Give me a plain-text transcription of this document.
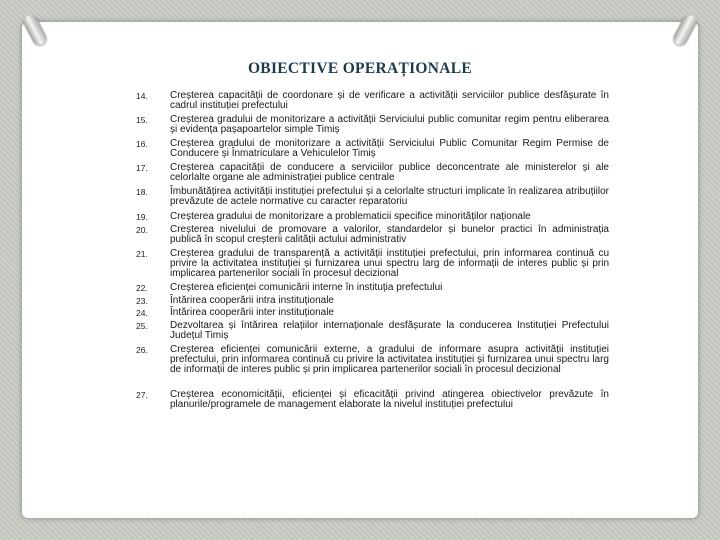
OBIECTIVE OPERAȚIONALE
14.	Creșterea capacității de coordonare și de verificare a activității serviciilor publice desfășurate în cadrul instituției prefectului
15.	Creșterea gradului de monitorizare a activității Serviciului public comunitar regim pentru eliberarea și evidența pașapoartelor simple Timiș
16.	Creșterea gradului de monitorizare a activității Serviciului Public Comunitar Regim Permise de Conducere și Înmatriculare a Vehiculelor Timiș
17.	Creșterea capacității de conducere a serviciilor publice deconcentrate ale ministerelor și ale celorlalte organe ale administrației publice centrale
18.	Îmbunătățirea activității instituției prefectului și a celorlalte structuri implicate în realizarea atribuțiilor prevăzute de actele normative cu caracter reparatoriu
19.	Creșterea gradului de monitorizare a problematicii specifice minorităților naționale
20.	Creșterea nivelului de promovare a valorilor, standardelor și bunelor practici în administrația publică în scopul creșterii calității actului administrativ
21.	Creșterea gradului de transparență a activității instituției prefectului, prin informarea continuă cu privire la activitatea instituției și furnizarea unui spectru larg de informații de interes public și prin implicarea partenerilor sociali în procesul decizional
22.	Creșterea eficienței comunicării interne în instituția prefectului
23.	Întărirea cooperării intra instituționale
24.	Întărirea cooperării inter instituționale
25.	Dezvoltarea și întărirea relațiilor internaționale desfășurate la conducerea Instituției Prefectului Județul Timiș
26.	Creșterea eficienței comunicării externe, a gradului de informare asupra activității instituției prefectului, prin informarea continuă cu privire la activitatea instituției și furnizarea unui spectru larg de informații de interes public și prin implicarea partenerilor sociali în procesul decizional
27.	Creșterea economicității, eficienței și eficacității privind atingerea obiectivelor prevăzute în planurile/programele de management elaborate la nivelul instituției prefectului
